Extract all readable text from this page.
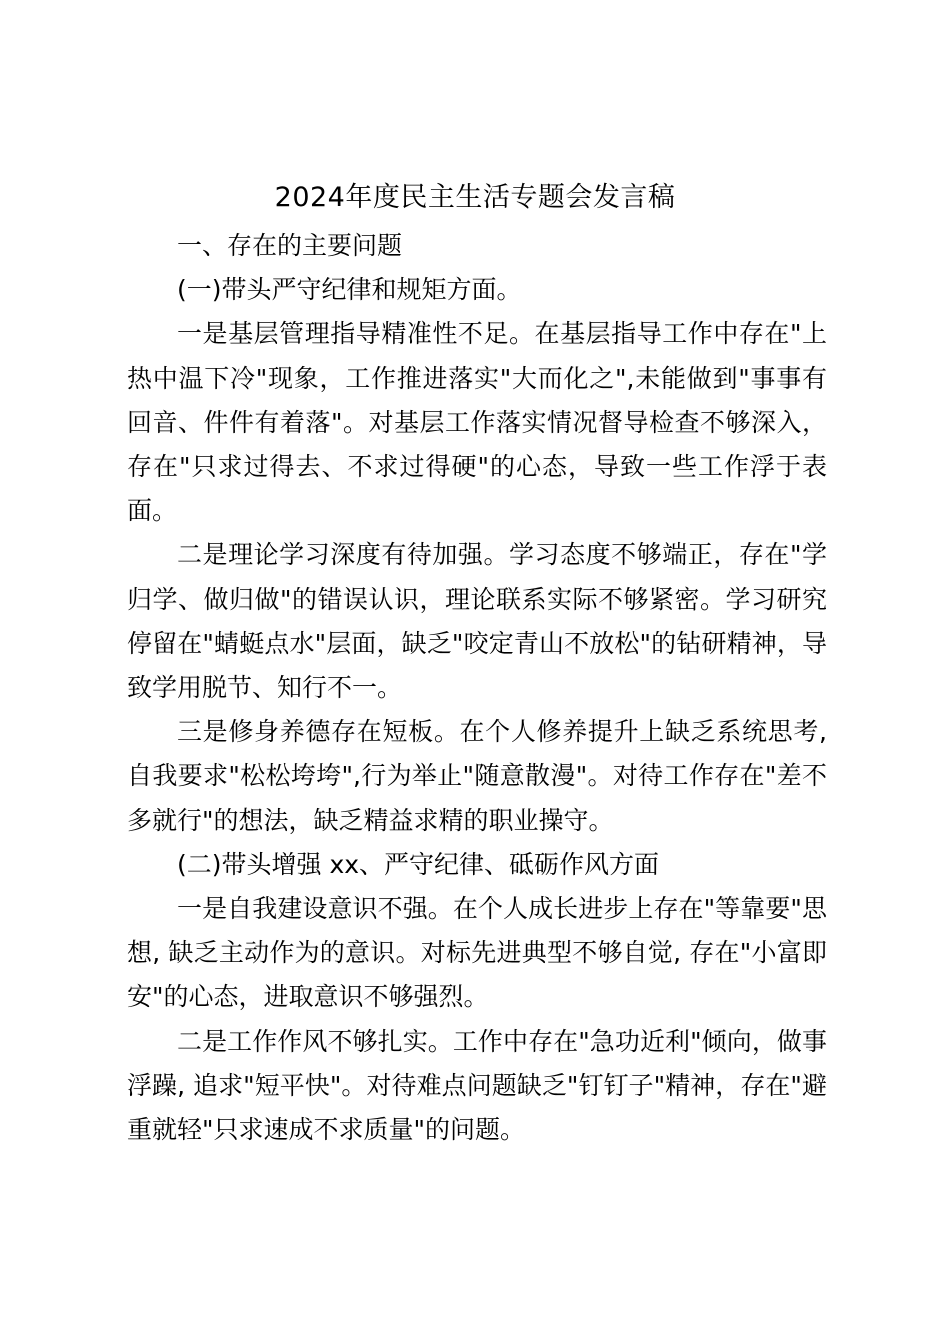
2024年度民主生活专题会发言稿

一、存在的主要问题

(一)带头严守纪律和规矩方面。

一是基层管理指导精准性不足。在基层指导工作中存在"上热中温下冷"现象，工作推进落实"大而化之",未能做到"事事有回音、件件有着落"。对基层工作落实情况督导检查不够深入，存在"只求过得去、不求过得硬"的心态，导致一些工作浮于表面。

二是理论学习深度有待加强。学习态度不够端正，存在"学归学、做归做"的错误认识，理论联系实际不够紧密。学习研究停留在"蜻蜓点水"层面，缺乏"咬定青山不放松"的钻研精神，导致学用脱节、知行不一。

三是修身养德存在短板。在个人修养提升上缺乏系统思考, 自我要求"松松垮垮",行为举止"随意散漫"。对待工作存在"差不多就行"的想法，缺乏精益求精的职业操守。

(二)带头增强 xx、严守纪律、砥砺作风方面

一是自我建设意识不强。在个人成长进步上存在"等靠要"思想, 缺乏主动作为的意识。对标先进典型不够自觉, 存在"小富即安"的心态，进取意识不够强烈。

二是工作作风不够扎实。工作中存在"急功近利"倾向，做事浮躁, 追求"短平快"。对待难点问题缺乏"钉钉子"精神，存在"避重就轻"只求速成不求质量"的问题。
